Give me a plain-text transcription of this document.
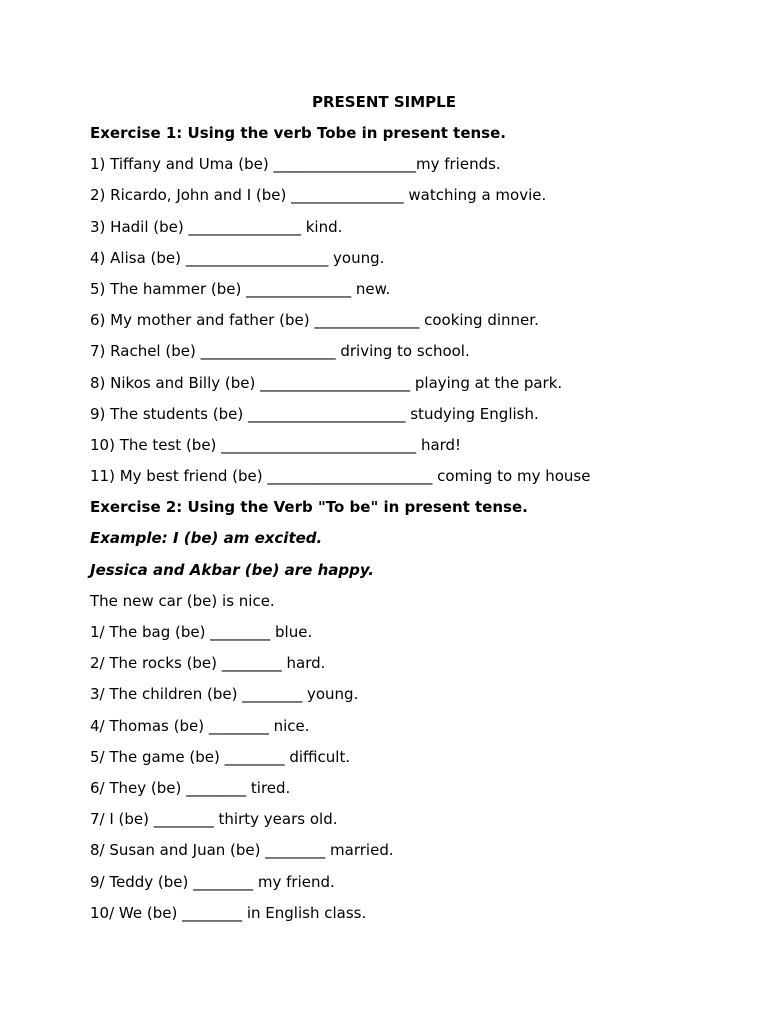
PRESENT SIMPLE
Exercise 1: Using the verb Tobe in present tense.
1) Tiffany and Uma (be) ___________________my friends.
2) Ricardo, John and I (be) _______________ watching a movie.
3) Hadil (be) _______________ kind.
4) Alisa (be) ___________________ young.
5) The hammer (be) ______________ new.
6) My mother and father (be) ______________ cooking dinner.
7) Rachel (be) __________________ driving to school.
8) Nikos and Billy (be) ____________________ playing at the park.
9) The students (be) _____________________ studying English.
10) The test (be) __________________________ hard!
11) My best friend (be) ______________________ coming to my house
Exercise 2: Using the Verb "To be" in present tense.
Example: I (be) am excited.
Jessica and Akbar (be) are happy.
The new car (be) is nice.
1/ The bag (be) ________ blue.
2/ The rocks (be) ________ hard.
3/ The children (be) ________ young.
4/ Thomas (be) ________ nice.
5/ The game (be) ________ difficult.
6/ They (be) ________ tired.
7/ I (be) ________ thirty years old.
8/ Susan and Juan (be) ________ married.
9/ Teddy (be) ________ my friend.
10/ We (be) ________ in English class.
